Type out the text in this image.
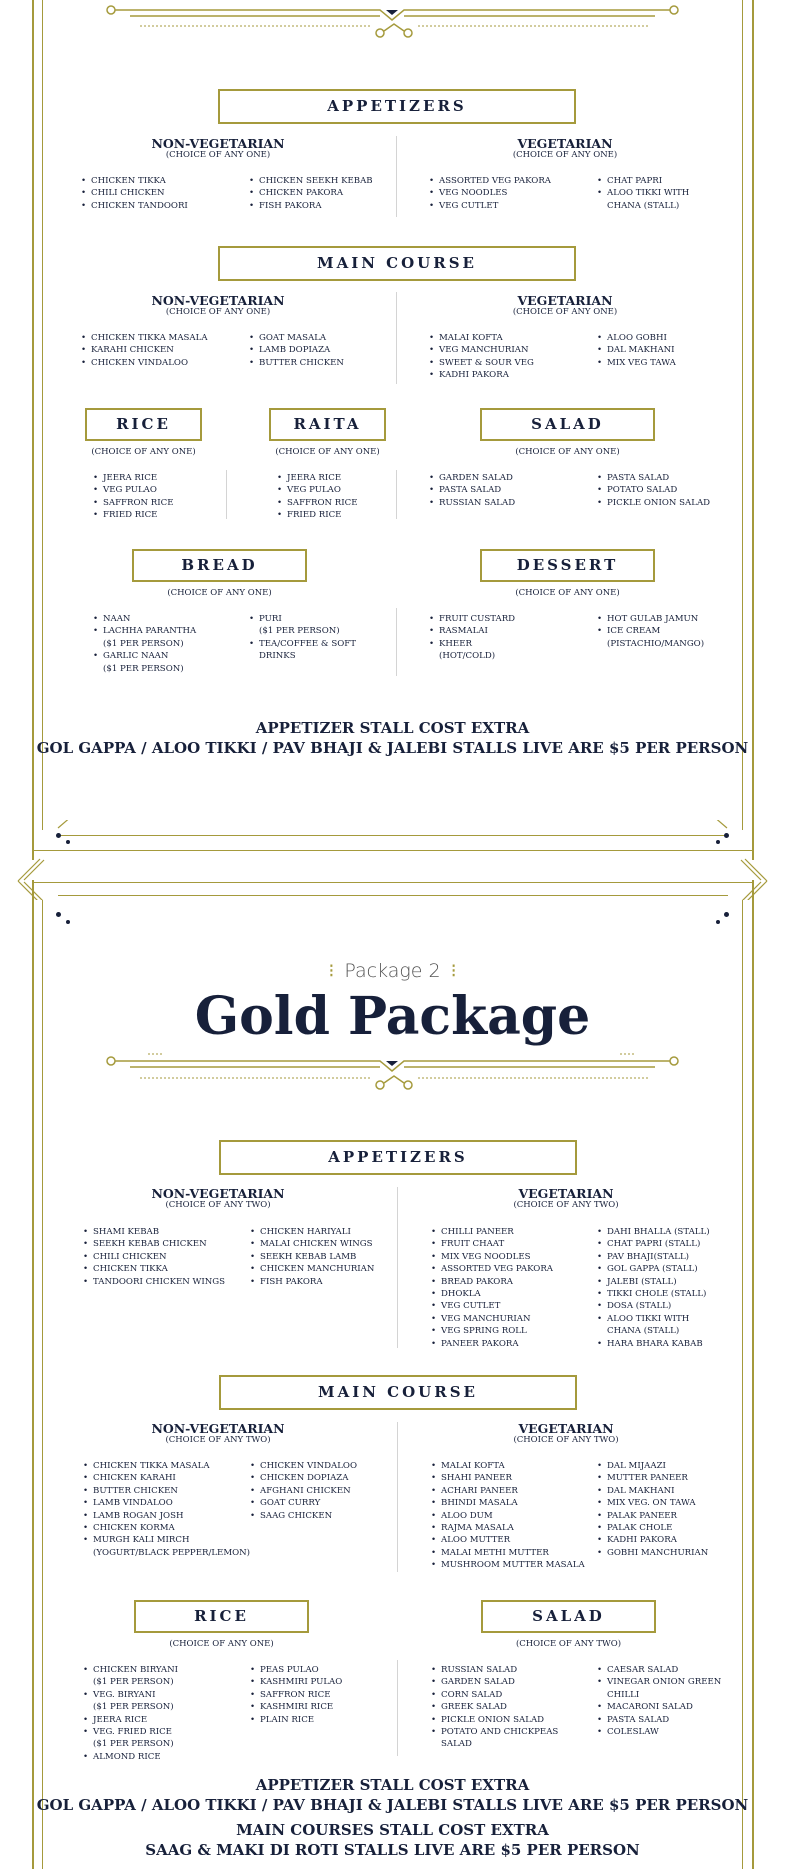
APPETIZERS
NON-VEGETARIAN
(CHOICE OF ANY ONE)
VEGETARIAN
(CHOICE OF ANY ONE)
• CHICKEN TIKKA
• CHILI CHICKEN
• CHICKEN TANDOORI
• CHICKEN SEEKH KEBAB
• CHICKEN PAKORA
• FISH PAKORA
• ASSORTED VEG PAKORA
• VEG NOODLES
• VEG CUTLET
• CHAT PAPRI
• ALOO TIKKI WITH
CHANA (STALL)
MAIN COURSE
NON-VEGETARIAN
(CHOICE OF ANY ONE)
VEGETARIAN
(CHOICE OF ANY ONE)
• CHICKEN TIKKA MASALA
• KARAHI CHICKEN
• CHICKEN VINDALOO
• GOAT MASALA
• LAMB DOPIAZA
• BUTTER CHICKEN
• MALAI KOFTA
• VEG MANCHURIAN
• SWEET & SOUR VEG
• KADHI PAKORA
• ALOO GOBHI
• DAL MAKHANI
• MIX VEG TAWA
RICE
(CHOICE OF ANY ONE)
RAITA
(CHOICE OF ANY ONE)
SALAD
(CHOICE OF ANY ONE)
• JEERA RICE
• VEG PULAO
• SAFFRON RICE
• FRIED RICE
• JEERA RICE
• VEG PULAO
• SAFFRON RICE
• FRIED RICE
• GARDEN SALAD
• PASTA SALAD
• RUSSIAN SALAD
• PASTA SALAD
• POTATO SALAD
• PICKLE ONION SALAD
BREAD
(CHOICE OF ANY ONE)
DESSERT
(CHOICE OF ANY ONE)
• NAAN
• LACHHA PARANTHA
($1 PER PERSON)
• GARLIC NAAN
($1 PER PERSON)
• PURI
($1 PER PERSON)
• TEA/COFFEE & SOFT
DRINKS
• FRUIT CUSTARD
• RASMALAI
• KHEER
(HOT/COLD)
• HOT GULAB JAMUN
• ICE CREAM
(PISTACHIO/MANGO)
APPETIZER STALL COST EXTRA
GOL GAPPA / ALOO TIKKI / PAV BHAJI & JALEBI STALLS LIVE ARE $5 PER PERSON
⁝ Package 2 ⁝
Gold Package
APPETIZERS
NON-VEGETARIAN
(CHOICE OF ANY TWO)
VEGETARIAN
(CHOICE OF ANY TWO)
• SHAMI KEBAB
• SEEKH KEBAB CHICKEN
• CHILI CHICKEN
• CHICKEN TIKKA
• TANDOORI CHICKEN WINGS
• CHICKEN HARIYALI
• MALAI CHICKEN WINGS
• SEEKH KEBAB LAMB
• CHICKEN MANCHURIAN
• FISH PAKORA
• CHILLI PANEER
• FRUIT CHAAT
• MIX VEG NOODLES
• ASSORTED VEG PAKORA
• BREAD PAKORA
• DHOKLA
• VEG CUTLET
• VEG MANCHURIAN
• VEG SPRING ROLL
• PANEER PAKORA
• DAHI BHALLA (STALL)
• CHAT PAPRI (STALL)
• PAV BHAJI(STALL)
• GOL GAPPA (STALL)
• JALEBI (STALL)
• TIKKI CHOLE (STALL)
• DOSA (STALL)
• ALOO TIKKI WITH
CHANA (STALL)
• HARA BHARA KABAB
MAIN COURSE
NON-VEGETARIAN
(CHOICE OF ANY TWO)
VEGETARIAN
(CHOICE OF ANY TWO)
• CHICKEN TIKKA MASALA
• CHICKEN KARAHI
• BUTTER CHICKEN
• LAMB VINDALOO
• LAMB ROGAN JOSH
• CHICKEN KORMA
• MURGH KALI MIRCH
(YOGURT/BLACK PEPPER/LEMON)
• CHICKEN VINDALOO
• CHICKEN DOPIAZA
• AFGHANI CHICKEN
• GOAT CURRY
• SAAG CHICKEN
• MALAI KOFTA
• SHAHI PANEER
• ACHARI PANEER
• BHINDI MASALA
• ALOO DUM
• RAJMA MASALA
• ALOO MUTTER
• MALAI METHI MUTTER
• MUSHROOM MUTTER MASALA
• DAL MIJAAZI
• MUTTER PANEER
• DAL MAKHANI
• MIX VEG. ON TAWA
• PALAK PANEER
• PALAK CHOLE
• KADHI PAKORA
• GOBHI MANCHURIAN
RICE
(CHOICE OF ANY ONE)
SALAD
(CHOICE OF ANY TWO)
• CHICKEN BIRYANI
($1 PER PERSON)
• VEG. BIRYANI
($1 PER PERSON)
• JEERA RICE
• VEG. FRIED RICE
($1 PER PERSON)
• ALMOND RICE
• PEAS PULAO
• KASHMIRI PULAO
• SAFFRON RICE
• KASHMIRI RICE
• PLAIN RICE
• RUSSIAN SALAD
• GARDEN SALAD
• CORN SALAD
• GREEK SALAD
• PICKLE ONION SALAD
• POTATO AND CHICKPEAS
SALAD
• CAESAR SALAD
• VINEGAR ONION GREEN
CHILLI
• MACARONI SALAD
• PASTA SALAD
• COLESLAW
APPETIZER STALL COST EXTRA
GOL GAPPA / ALOO TIKKI / PAV BHAJI & JALEBI STALLS LIVE ARE $5 PER PERSON
MAIN COURSES STALL COST EXTRA
SAAG & MAKI DI ROTI STALLS LIVE ARE $5 PER PERSON
